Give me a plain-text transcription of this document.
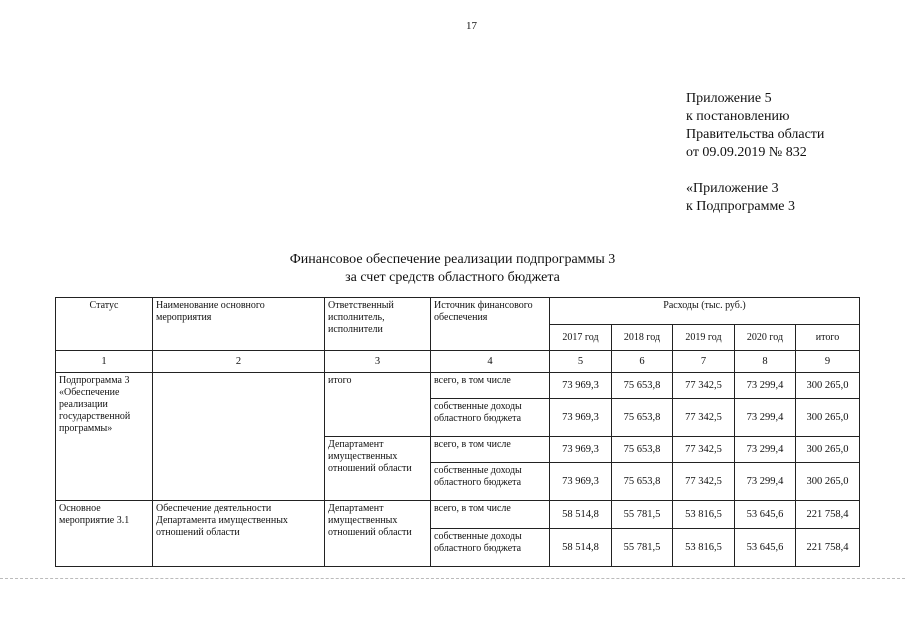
17
Приложение 5
к постановлению
Правительства области
от 09.09.2019 № 832
«Приложение 3
к Подпрограмме 3
Финансовое обеспечение реализации подпрограммы 3
за счет средств областного бюджета
Статус	Наименование основного мероприятия	Ответственный исполнитель, исполнители	Источник финансового обеспечения	Расходы (тыс. руб.)				
				2017 год	2018 год	2019 год	2020 год	итого
1	2	3	4	5	6	7	8	9
Подпрограмма 3 «Обеспечение реализации государственной программы»		итого	всего, в том числе	73 969,3	75 653,8	77 342,5	73 299,4	300 265,0
			собственные доходы областного бюджета	73 969,3	75 653,8	77 342,5	73 299,4	300 265,0
		Департамент имущественных отношений области	всего, в том числе	73 969,3	75 653,8	77 342,5	73 299,4	300 265,0
			собственные доходы областного бюджета	73 969,3	75 653,8	77 342,5	73 299,4	300 265,0
Основное мероприятие 3.1	Обеспечение деятельности Департамента имущественных отношений области	Департамент имущественных отношений области	всего, в том числе	58 514,8	55 781,5	53 816,5	53 645,6	221 758,4
			собственные доходы областного бюджета	58 514,8	55 781,5	53 816,5	53 645,6	221 758,4
